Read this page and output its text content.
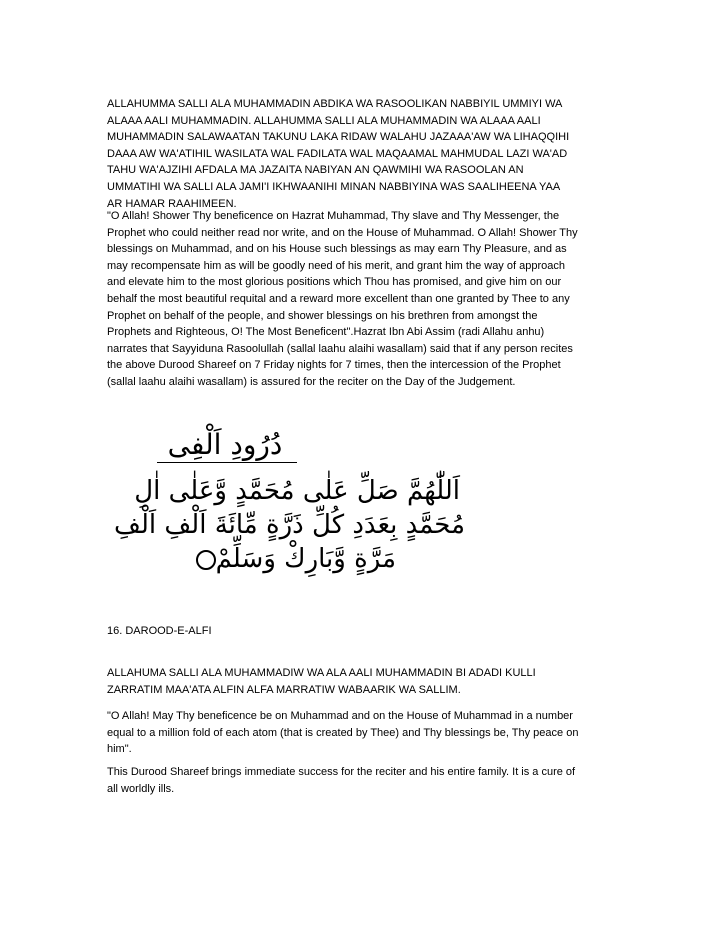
ALLAHUMMA SALLI ALA MUHAMMADIN ABDIKA WA RASOOLIKAN NABBIYIL UMMIYI WA
ALAAA AALI MUHAMMADIN. ALLAHUMMA SALLI ALA MUHAMMADIN WA ALAAA AALI
MUHAMMADIN SALAWAATAN TAKUNU LAKA RIDAW WALAHU JAZAAA'AW WA LIHAQQIHI
DAAA AW WA'ATIHIL WASILATA WAL FADILATA WAL MAQAAMAL MAHMUDAL LAZI WA'AD
TAHU WA'AJZIHI AFDALA MA JAZAITA NABIYAN AN QAWMIHI WA RASOOLAN AN
UMMATIHI WA SALLI ALA JAMI'I IKHWAANIHI MINAN NABBIYINA WAS SAALIHEENA YAA
AR HAMAR RAAHIMEEN.
"O Allah! Shower Thy beneficence on Hazrat Muhammad, Thy slave and Thy Messenger, the
Prophet who could neither read nor write, and on the House of Muhammad. O Allah! Shower Thy
blessings on Muhammad, and on his House such blessings as may earn Thy Pleasure, and as
may recompensate him as will be goodly need of his merit, and grant him the way of approach
and elevate him to the most glorious positions which Thou has promised, and give him on our
behalf the most beautiful requital and a reward more excellent than one granted by Thee to any
Prophet on behalf of the people, and shower blessings on his brethren from amongst the
Prophets and Righteous, O! The Most Beneficent".Hazrat Ibn Abi Assim (radi Allahu anhu)
narrates that Sayyiduna Rasoolullah (sallal laahu alaihi wasallam) said that if any person recites
the above Durood Shareef on 7 Friday nights for 7 times, then the intercession of the Prophet
(sallal laahu alaihi wasallam) is assured for the reciter on the Day of the Judgement.
دُرُودِ اَلْفِى
اَللّٰهُمَّ صَلِّ عَلٰى مُحَمَّدٍ وَّعَلٰى اٰلِ
مُحَمَّدٍ بِعَدَدِ كُلِّ ذَرَّةٍ مِّائَةَ اَلْفِ اَلْفِ
مَرَّةٍ وَّبَارِكْ وَسَلِّمْ
16. DAROOD-E-ALFI
ALLAHUMA SALLI ALA MUHAMMADIW WA ALA AALI MUHAMMADIN BI ADADI KULLI
ZARRATIM MAA'ATA ALFIN ALFA MARRATIW WABAARIK WA SALLIM.
"O Allah! May Thy beneficence be on Muhammad and on the House of Muhammad in a number
equal to a million fold of each atom (that is created by Thee) and Thy blessings be, Thy peace on
him".
This Durood Shareef brings immediate success for the reciter and his entire family. It is a cure of
all worldly ills.
